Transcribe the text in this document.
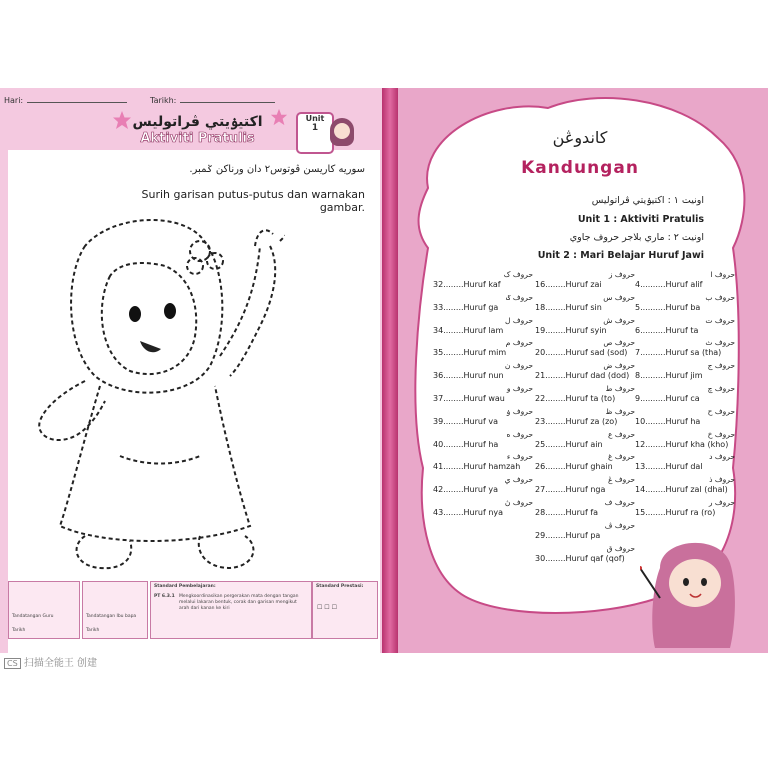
Hari:	Tarikh:
اكتيۏيتي ڤراتوليس
Aktiviti Pratulis
Unit
1
سوريه كاريسن ڤوتوس٢ دان ورناكن ݢمبر.
Surih garisan putus-putus dan warnakan gambar.
Tandatangan Guru
Tarikh
Tandatangan Ibu bapa
Tarikh
Standard Pembelajaran:
PT 6.3.1 Mengkoordinasikan pergerakan mata dengan tangan melalui lakaran bentuk, corak dan garisan mengikut arah dari kanan ke kiri
Standard Prestasi:
☐ ☐ ☐
كاندوڠن
Kandungan
اونيت ١ : اكتيۏيتي ڤراتوليس
Unit 1 : Aktiviti Pratulis
اونيت ٢ : ماري بلاجر حروف جاوي
Unit 2 : Mari Belajar Huruf Jawi
حروف ا
4..........Huruf alif
حروف ب
5..........Huruf ba
حروف ت
6..........Huruf ta
حروف ث
7..........Huruf sa (tha)
حروف ج
8..........Huruf jim
حروف چ
9..........Huruf ca
حروف ح
10........Huruf ha
حروف خ
12........Huruf kha (kho)
حروف د
13........Huruf dal
حروف ذ
14........Huruf zal (dhal)
حروف ر
15........Huruf ra (ro)
حروف ز
16........Huruf zai
حروف س
18........Huruf sin
حروف ش
19........Huruf syin
حروف ص
20........Huruf sad (sod)
حروف ض
21........Huruf dad (dod)
حروف ط
22........Huruf ta (to)
حروف ظ
23........Huruf za (zo)
حروف ع
25........Huruf ain
حروف غ
26........Huruf ghain
حروف ڠ
27........Huruf nga
حروف ف
28........Huruf fa
حروف ڤ
29........Huruf pa
حروف ق
30........Huruf qaf (qof)
حروف ک
32........Huruf kaf
حروف ݢ
33........Huruf ga
حروف ل
34........Huruf lam
حروف م
35........Huruf mim
حروف ن
36........Huruf nun
حروف و
37........Huruf wau
حروف ۏ
39........Huruf va
حروف ه
40........Huruf ha
حروف ء
41........Huruf hamzah
حروف ي
42........Huruf ya
حروف ڽ
43........Huruf nya
CS 扫描全能王 创建
